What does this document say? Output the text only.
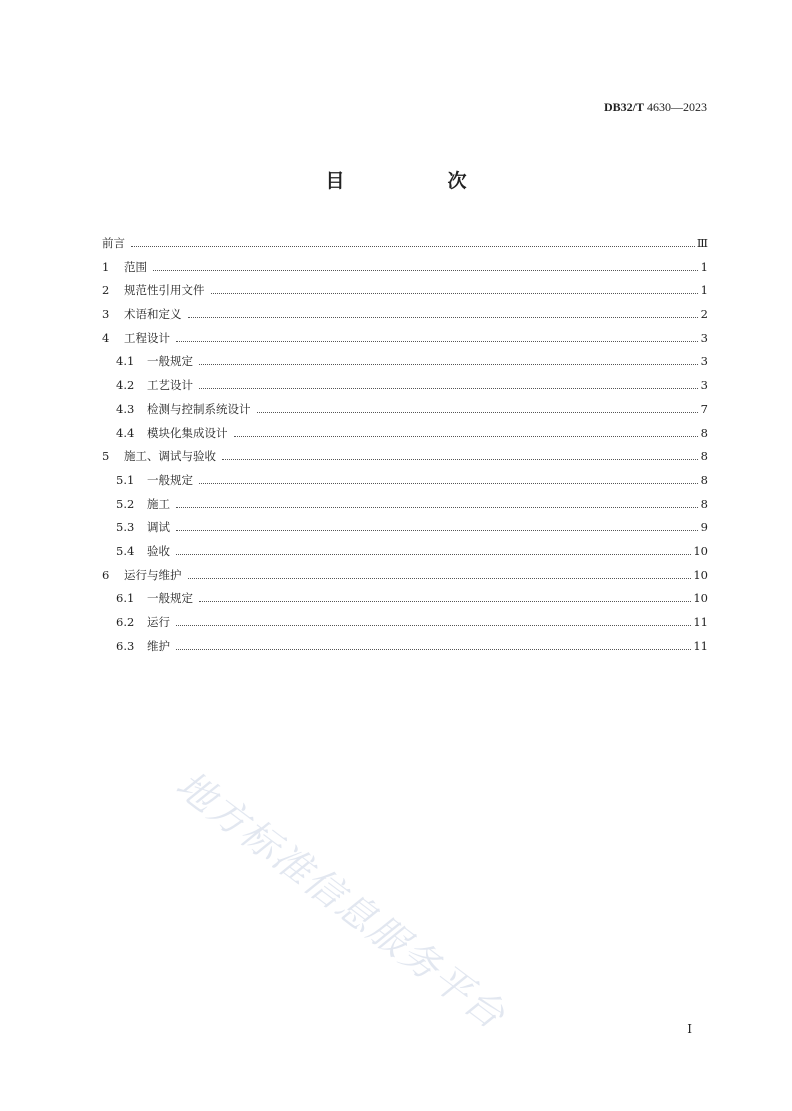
DB32/T 4630—2023
目　次
前言	Ⅲ
1	范围	1
2	规范性引用文件	1
3	术语和定义	2
4	工程设计	3
4.1	一般规定	3
4.2	工艺设计	3
4.3	检测与控制系统设计	7
4.4	模块化集成设计	8
5	施工、调试与验收	8
5.1	一般规定	8
5.2	施工	8
5.3	调试	9
5.4	验收	10
6	运行与维护	10
6.1	一般规定	10
6.2	运行	11
6.3	维护	11
地方标准信息服务平台	I
